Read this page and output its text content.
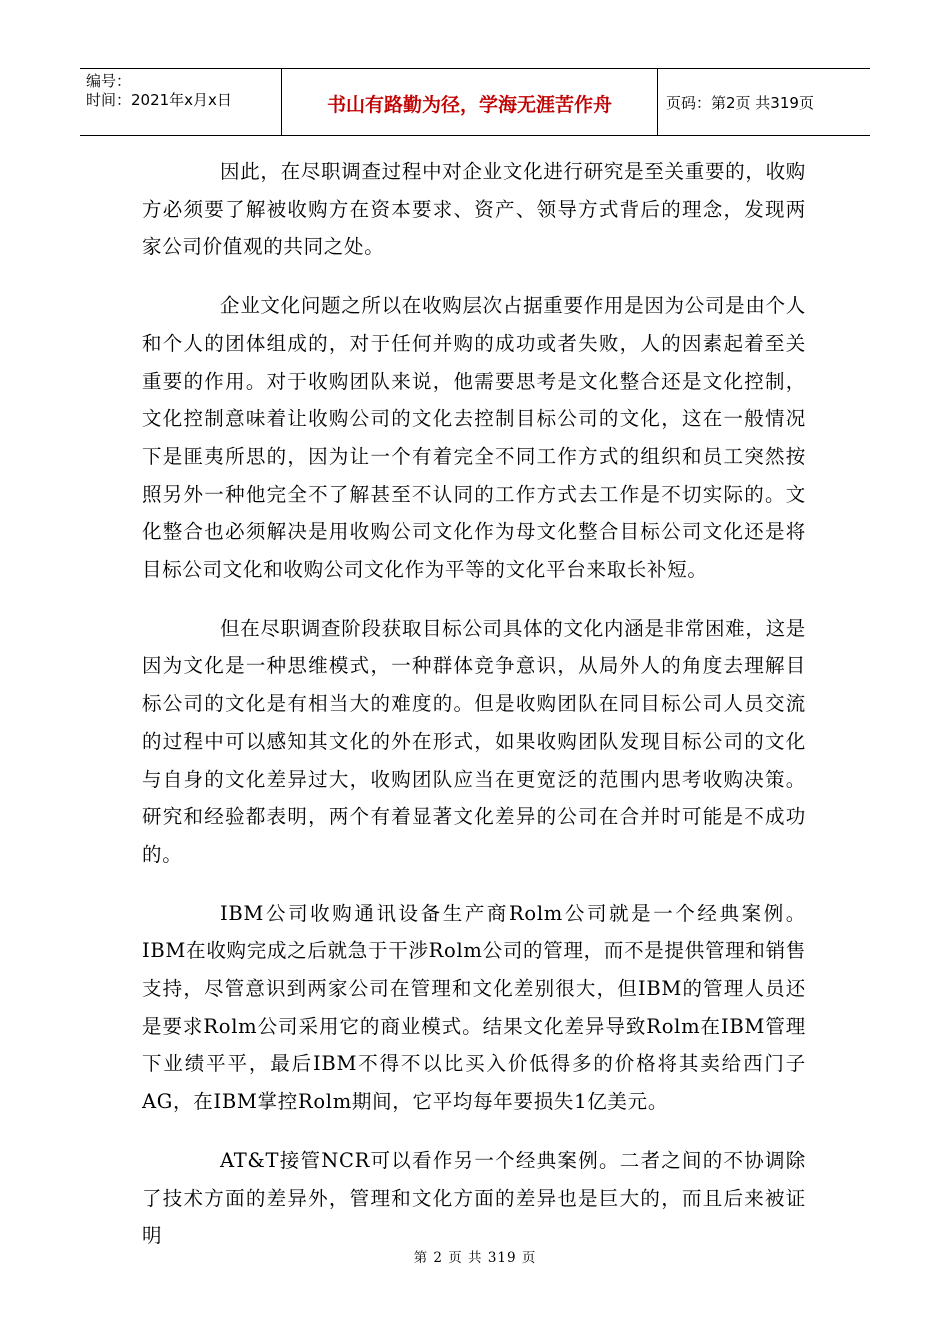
编号：
时间：2021年x月x日	书山有路勤为径，学海无涯苦作舟	页码：第2页 共319页

因此，在尽职调查过程中对企业文化进行研究是至关重要的，收购方必须要了解被收购方在资本要求、资产、领导方式背后的理念，发现两家公司价值观的共同之处。

企业文化问题之所以在收购层次占据重要作用是因为公司是由个人和个人的团体组成的，对于任何并购的成功或者失败，人的因素起着至关重要的作用。对于收购团队来说，他需要思考是文化整合还是文化控制，文化控制意味着让收购公司的文化去控制目标公司的文化，这在一般情况下是匪夷所思的，因为让一个有着完全不同工作方式的组织和员工突然按照另外一种他完全不了解甚至不认同的工作方式去工作是不切实际的。文化整合也必须解决是用收购公司文化作为母文化整合目标公司文化还是将目标公司文化和收购公司文化作为平等的文化平台来取长补短。

但在尽职调查阶段获取目标公司具体的文化内涵是非常困难，这是因为文化是一种思维模式，一种群体竞争意识，从局外人的角度去理解目标公司的文化是有相当大的难度的。但是收购团队在同目标公司人员交流的过程中可以感知其文化的外在形式，如果收购团队发现目标公司的文化与自身的文化差异过大，收购团队应当在更宽泛的范围内思考收购决策。研究和经验都表明，两个有着显著文化差异的公司在合并时可能是不成功的。

IBM公司收购通讯设备生产商Rolm公司就是一个经典案例。IBM在收购完成之后就急于干涉Rolm公司的管理，而不是提供管理和销售支持，尽管意识到两家公司在管理和文化差别很大，但IBM的管理人员还是要求Rolm公司采用它的商业模式。结果文化差异导致Rolm在IBM管理下业绩平平，最后IBM不得不以比买入价低得多的价格将其卖给西门子AG，在IBM掌控Rolm期间，它平均每年要损失1亿美元。

AT&T接管NCR可以看作另一个经典案例。二者之间的不协调除了技术方面的差异外，管理和文化方面的差异也是巨大的，而且后来被证明

第 2 页 共 319 页
